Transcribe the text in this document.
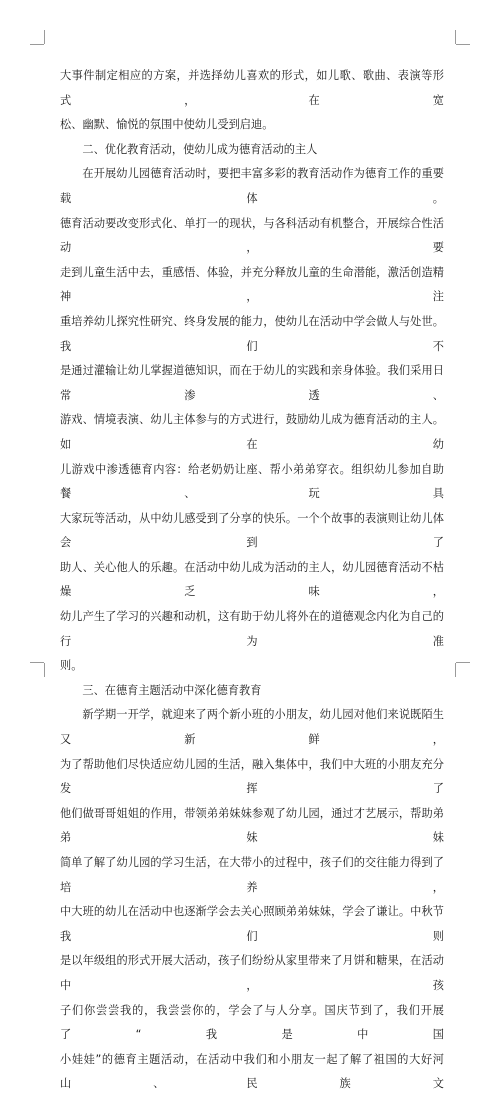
大事件制定相应的方案，并选择幼儿喜欢的形式，如儿歌、歌曲、表演等形式，在宽

松、幽默、愉悦的氛围中使幼儿受到启迪。

二、优化教育活动，使幼儿成为德育活动的主人

在开展幼儿园德育活动时，要把丰富多彩的教育活动作为德育工作的重要载体。

德育活动要改变形式化、单打一的现状，与各科活动有机整合，开展综合性活动，要

走到儿童生活中去，重感悟、体验，并充分释放儿童的生命潜能，激活创造精神，注

重培养幼儿探究性研究、终身发展的能力，使幼儿在活动中学会做人与处世。我们不

是通过灌输让幼儿掌握道德知识，而在于幼儿的实践和亲身体验。我们采用日常渗透、

游戏、情境表演、幼儿主体参与的方式进行，鼓励幼儿成为德育活动的主人。如在幼

儿游戏中渗透德育内容：给老奶奶让座、帮小弟弟穿衣。组织幼儿参加自助餐、玩具

大家玩等活动，从中幼儿感受到了分享的快乐。一个个故事的表演则让幼儿体会到了

助人、关心他人的乐趣。在活动中幼儿成为活动的主人，幼儿园德育活动不枯燥乏味，

幼儿产生了学习的兴趣和动机，这有助于幼儿将外在的道德观念内化为自己的行为准

则。

三、在德育主题活动中深化德育教育

新学期一开学，就迎来了两个新小班的小朋友，幼儿园对他们来说既陌生又新鲜，

为了帮助他们尽快适应幼儿园的生活，融入集体中，我们中大班的小朋友充分发挥了

他们做哥哥姐姐的作用，带领弟弟妹妹参观了幼儿园，通过才艺展示，帮助弟弟妹妹

简单了解了幼儿园的学习生活，在大带小的过程中，孩子们的交往能力得到了培养，

中大班的幼儿在活动中也逐渐学会去关心照顾弟弟妹妹，学会了谦让。中秋节我们则

是以年级组的形式开展大活动，孩子们纷纷从家里带来了月饼和糖果，在活动中，孩

子们你尝尝我的，我尝尝你的，学会了与人分享。国庆节到了，我们开展了“我是中国

小娃娃”的德育主题活动，在活动中我们和小朋友一起了解了祖国的大好河山、民族文
